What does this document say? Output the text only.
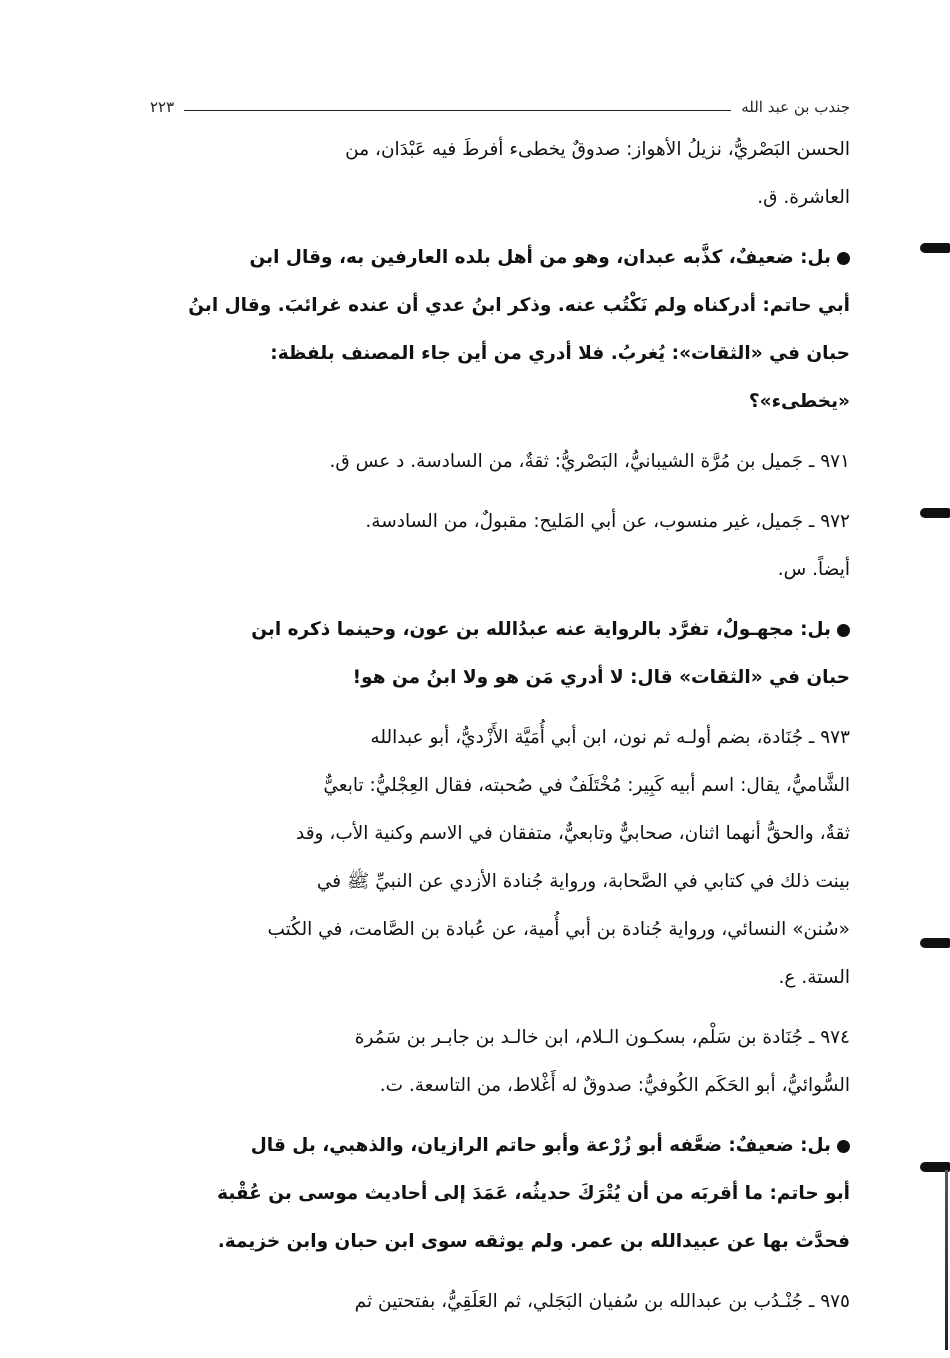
جندب بن عبد الله
٢٢٣

الحسن البَصْريُّ، نزيلُ الأهواز: صدوقٌ يخطىء أفرطَ فيه عَبْدَان، من
العاشرة. ق.

بل: ضعيفٌ، كذَّبه عبدان، وهو من أهل بلده العارفين به، وقال ابن
أبي حاتم: أدركناه ولم نَكْتُب عنه. وذكر ابنُ عدي أن عنده غرائبَ. وقال ابنُ
حبان في «الثقات»: يُغربُ. فلا أدري من أين جاء المصنف بلفظة:
«يخطىء»؟

٩٧١ ـ جَميل بن مُرَّة الشيبانيُّ، البَصْريُّ: ثقةٌ، من السادسة. د عس ق.

٩٧٢ ـ جَميل، غير منسوب، عن أبي المَليح: مقبولٌ، من السادسة.
أيضاً. س.

بل: مجهـولٌ، تفرَّد بالرواية عنه عبدُالله بن عون، وحينما ذكره ابن
حبان في «الثقات» قال: لا أدري مَن هو ولا ابنُ من هو!

٩٧٣ ـ جُنَادة، بضم أولـه ثم نون، ابن أبي أُمَيَّة الأَزْديُّ، أبو عبدالله
الشَّاميُّ، يقال: اسم أبيه كَبِير: مُخْتَلَفٌ في صُحبته، فقال العِجْليُّ: تابعيٌّ
ثقةٌ، والحقُّ أنهما اثنان، صحابيٌّ وتابعيٌّ، متفقان في الاسم وكنية الأب، وقد
بينت ذلك في كتابي في الصَّحابة، ورواية جُنادة الأزدي عن النبيِّ ﷺ في
«سُنن» النسائي، ورواية جُنادة بن أبي أُمية، عن عُبادة بن الصَّامت، في الكُتب
الستة. ع.

٩٧٤ ـ جُنَادة بن سَلْم، بسكـون الـلام، ابن خالـد بن جابـر بن سَمُرة
السُّوائيُّ، أبو الحَكَم الكُوفيُّ: صدوقٌ له أَغْلاط، من التاسعة. ت.

بل: ضعيفٌ: ضعَّفه أبو زُرْعة وأبو حاتم الرازيان، والذهبي، بل قال
أبو حاتم: ما أقربَه من أن يُتْرَكَ حديثُه، عَمَدَ إلى أحاديث موسى بن عُقْبة
فحدَّث بها عن عبيدالله بن عمر. ولم يوثقه سوى ابن حبان وابن خزيمة.

٩٧٥ ـ جُنْـدُب بن عبدالله بن سُفيان البَجَلي، ثم العَلَقِيُّ، بفتحتين ثم
